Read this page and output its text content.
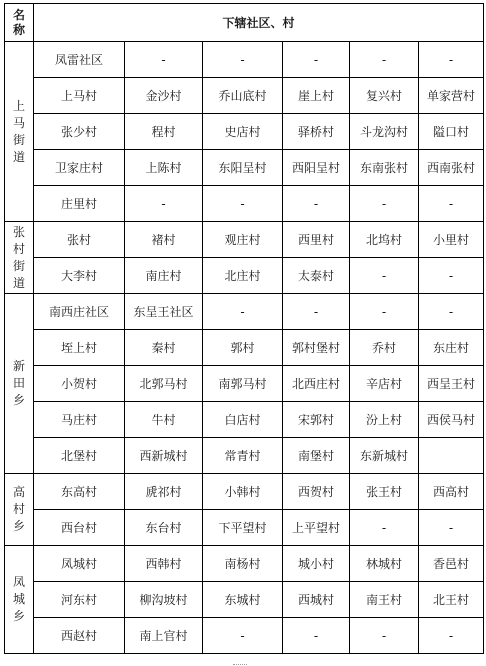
名称	下辖社区、村					
上马街道	凤雷社区	-	-	-	-	-
	上马村	金沙村	乔山底村	崖上村	复兴村	单家营村
	张少村	程村	史店村	驿桥村	斗龙沟村	隘口村
	卫家庄村	上陈村	东阳呈村	西阳呈村	东南张村	西南张村
	庄里村	-	-	-	-	-
张村街道	张村	褚村	观庄村	西里村	北坞村	小里村
	大李村	南庄村	北庄村	太泰村	-	-
新田乡	南西庄社区	东呈王社区	-	-	-	-
	垤上村	秦村	郭村	郭村堡村	乔村	东庄村
	小贺村	北郭马村	南郭马村	北西庄村	辛店村	西呈王村
	马庄村	牛村	白店村	宋郭村	汾上村	西侯马村
	北堡村	西新城村	常青村	南堡村	东新城村	
高村乡	东高村	虒祁村	小韩村	西贺村	张王村	西高村
	西台村	东台村	下平望村	上平望村	-	-
凤城乡	凤城村	西韩村	南杨村	城小村	林城村	香邑村
	河东村	柳沟坡村	东城村	西城村	南王村	北王村
	西赵村	南上官村	-	-	-	-
